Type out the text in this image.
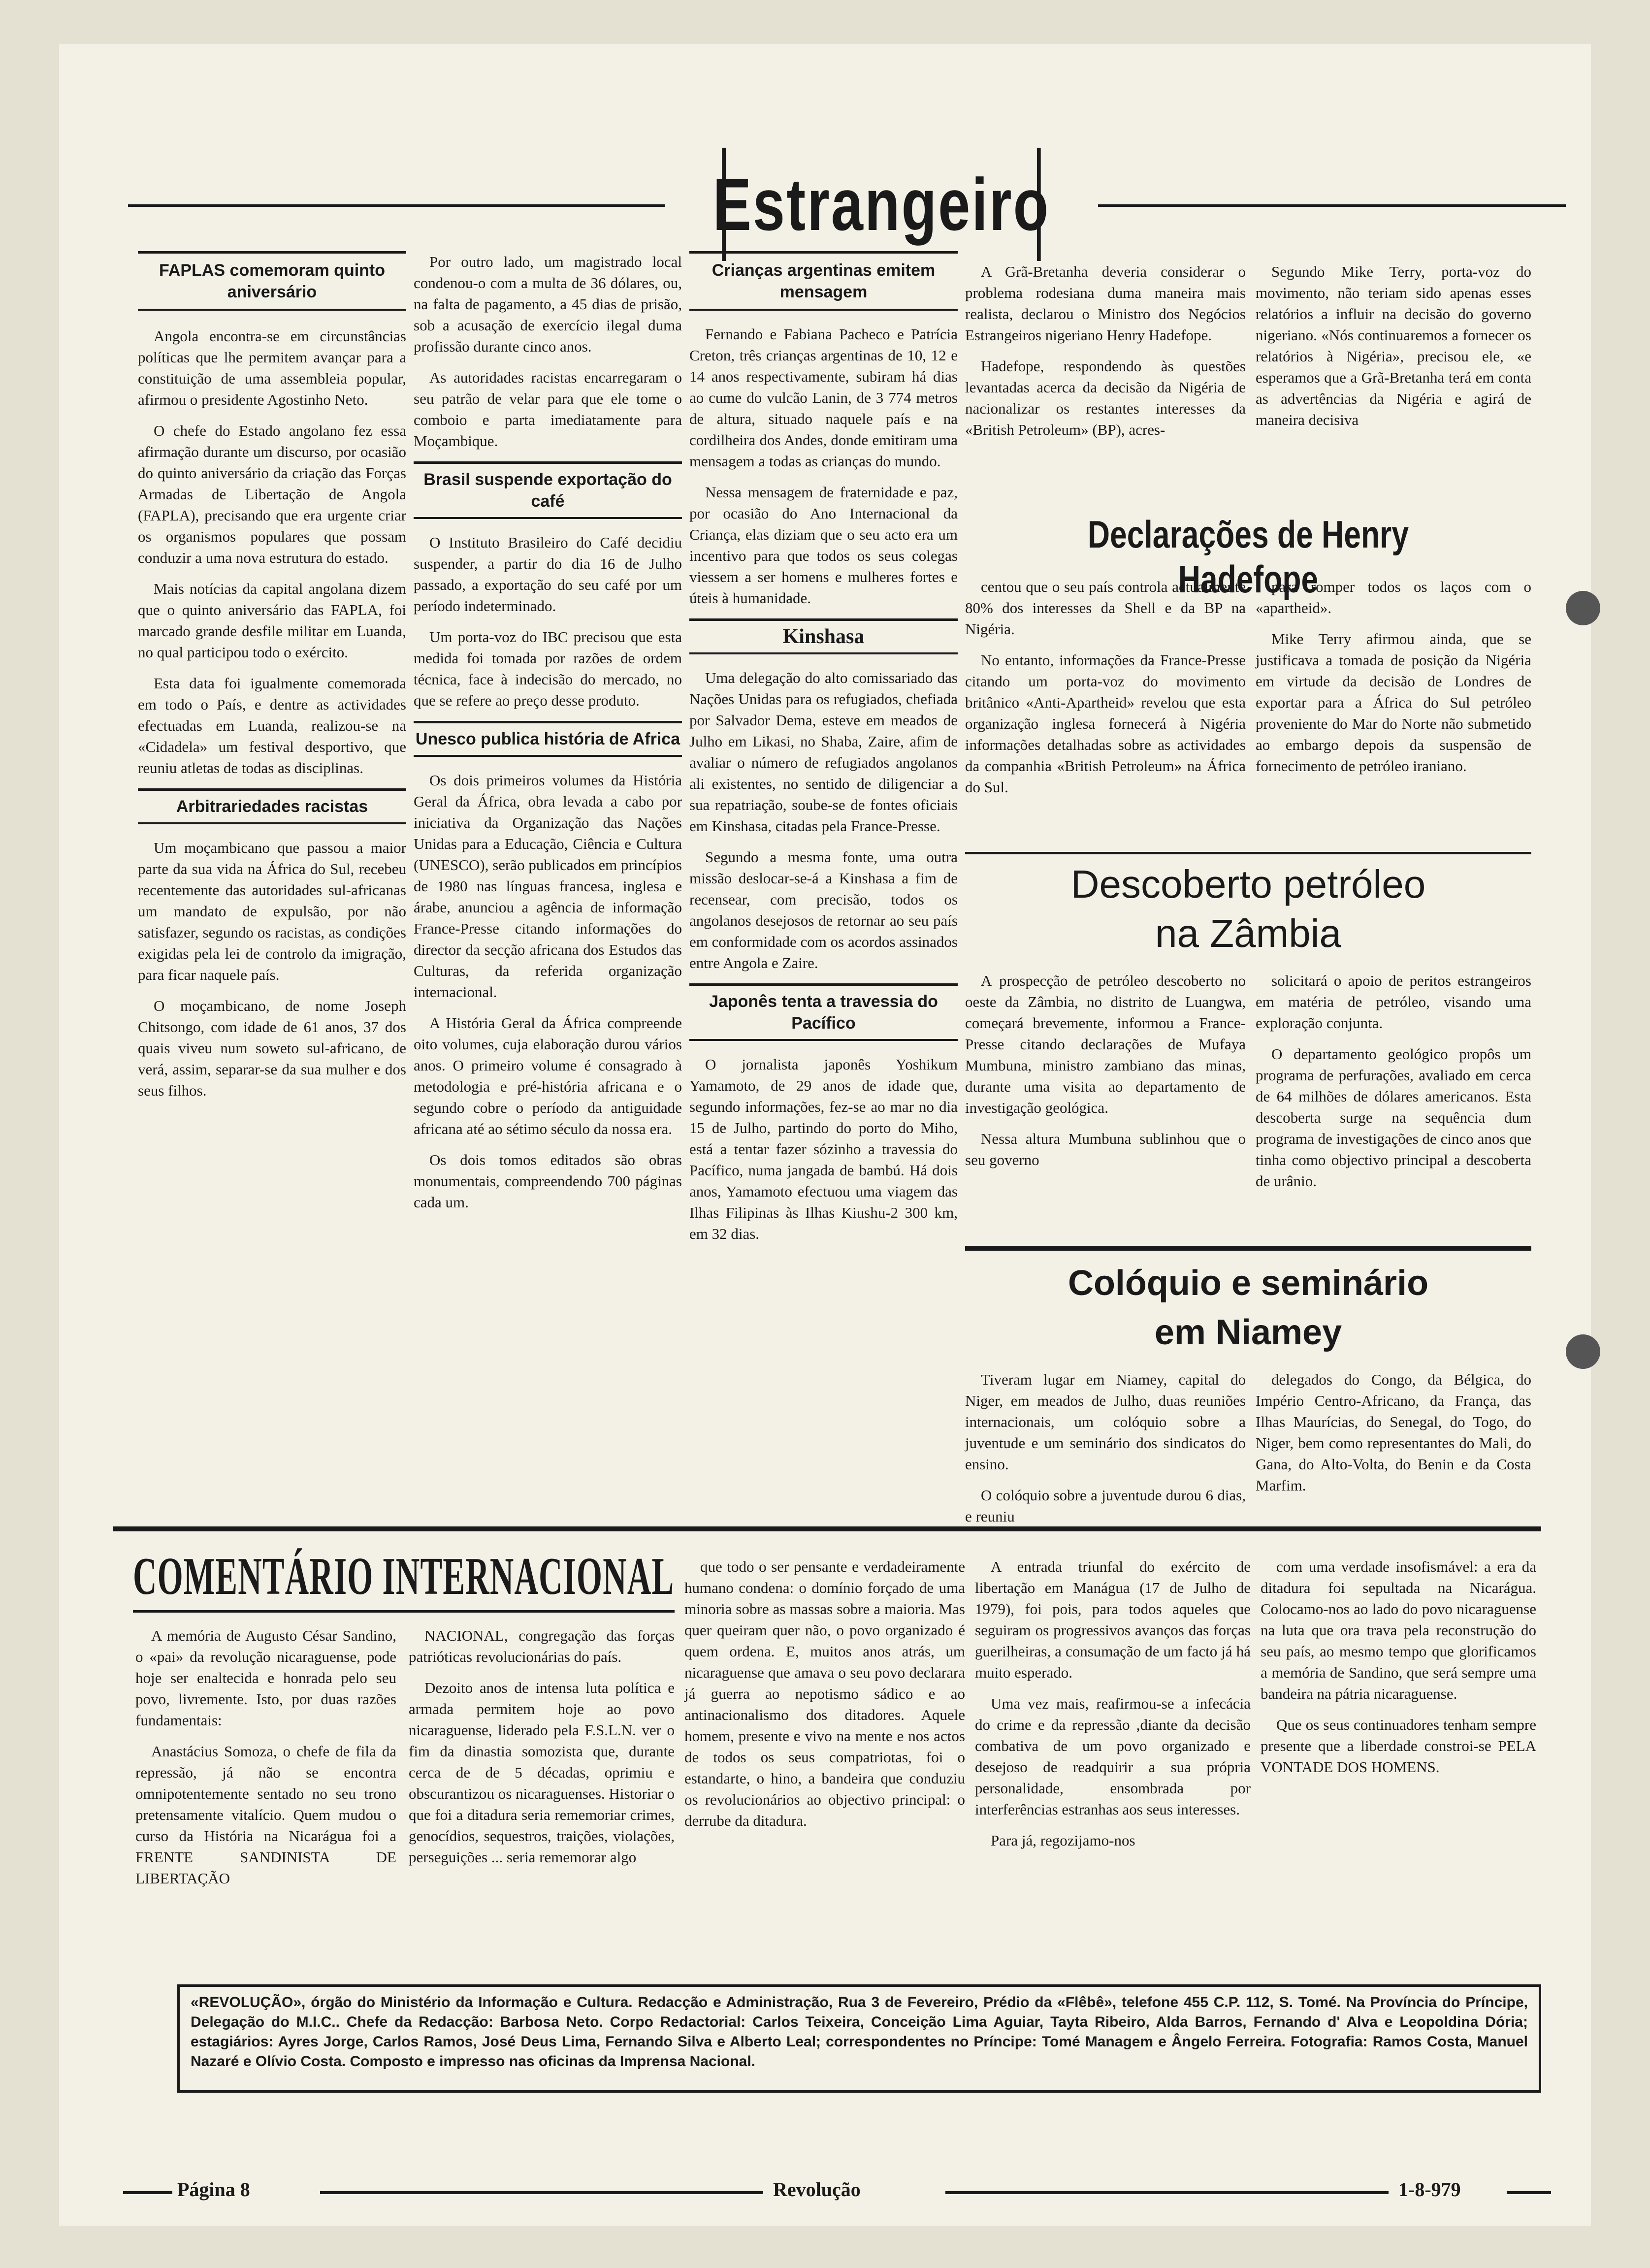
Estrangeiro
FAPLAS comemoram quinto aniversário

Angola encontra-se em circunstâncias políticas que lhe permitem avançar para a constituição de uma assembleia popular, afirmou o presidente Agostinho Neto.

O chefe do Estado angolano fez essa afirmação durante um discurso, por ocasião do quinto aniversário da criação das Forças Armadas de Libertação de Angola (FAPLA), precisando que era urgente criar os organismos populares que possam conduzir a uma nova estrutura do estado.

Mais notícias da capital angolana dizem que o quinto aniversário das FAPLA, foi marcado grande desfile militar em Luanda, no qual participou todo o exército.

Esta data foi igualmente comemorada em todo o País, e dentre as actividades efectuadas em Luanda, realizou-se na «Cidadela» um festival desportivo, que reuniu atletas de todas as disciplinas.

Arbitrariedades racistas

Um moçambicano que passou a maior parte da sua vida na África do Sul, recebeu recentemente das autoridades sul-africanas um mandato de expulsão, por não satisfazer, segundo os racistas, as condições exigidas pela lei de controlo da imigração, para ficar naquele país.

O moçambicano, de nome Joseph Chitsongo, com idade de 61 anos, 37 dos quais viveu num soweto sul-africano, de verá, assim, separar-se da sua mulher e dos seus filhos.

Por outro lado, um magistrado local condenou-o com a multa de 36 dólares, ou, na falta de pagamento, a 45 dias de prisão, sob a acusação de exercício ilegal duma profissão durante cinco anos.

As autoridades racistas encarregaram o seu patrão de velar para que ele tome o comboio e parta imediatamente para Moçambique.

Brasil suspende exportação do café

O Instituto Brasileiro do Café decidiu suspender, a partir do dia 16 de Julho passado, a exportação do seu café por um período indeterminado.

Um porta-voz do IBC precisou que esta medida foi tomada por razões de ordem técnica, face à indecisão do mercado, no que se refere ao preço desse produto.

Unesco publica história de Africa

Os dois primeiros volumes da História Geral da África, obra levada a cabo por iniciativa da Organização das Nações Unidas para a Educação, Ciência e Cultura (UNESCO), serão publicados em princípios de 1980 nas línguas francesa, inglesa e árabe, anunciou a agência de informação France-Presse citando informações do director da secção africana dos Estudos das Culturas, da referida organização internacional.

A História Geral da África compreende oito volumes, cuja elaboração durou vários anos. O primeiro volume é consagrado à metodologia e pré-história africana e o segundo cobre o período da antiguidade africana até ao sétimo século da nossa era.

Os dois tomos editados são obras monumentais, compreendendo 700 páginas cada um.

Crianças argentinas emitem mensagem

Fernando e Fabiana Pacheco e Patrícia Creton, três crianças argentinas de 10, 12 e 14 anos respectivamente, subiram há dias ao cume do vulcão Lanin, de 3 774 metros de altura, situado naquele país e na cordilheira dos Andes, donde emitiram uma mensagem a todas as crianças do mundo.

Nessa mensagem de fraternidade e paz, por ocasião do Ano Internacional da Criança, elas diziam que o seu acto era um incentivo para que todos os seus colegas viessem a ser homens e mulheres fortes e úteis à humanidade.

Kinshasa

Uma delegação do alto comissariado das Nações Unidas para os refugiados, chefiada por Salvador Dema, esteve em meados de Julho em Likasi, no Shaba, Zaire, afim de avaliar o número de refugiados angolanos ali existentes, no sentido de diligenciar a sua repatriação, soube-se de fontes oficiais em Kinshasa, citadas pela France-Presse.

Segundo a mesma fonte, uma outra missão deslocar-se-á a Kinshasa a fim de recensear, com precisão, todos os angolanos desejosos de retornar ao seu país em conformidade com os acordos assinados entre Angola e Zaire.

Japonês tenta a travessia do Pacífico

O jornalista japonês Yoshikum Yamamoto, de 29 anos de idade que, segundo informações, fez-se ao mar no dia 15 de Julho, partindo do porto do Miho, está a tentar fazer sózinho a travessia do Pacífico, numa jangada de bambú. Há dois anos, Yamamoto efectuou uma viagem das Ilhas Filipinas às Ilhas Kiushu-2 300 km, em 32 dias.

A Grã-Bretanha deveria considerar o problema rodesiana duma maneira mais realista, declarou o Ministro dos Negócios Estrangeiros nigeriano Henry Hadefope.

Hadefope, respondendo às questões levantadas acerca da decisão da Nigéria de nacionalizar os restantes interesses da «British Petroleum» (BP), acres-

Segundo Mike Terry, porta-voz do movimento, não teriam sido apenas esses relatórios a influir na decisão do governo nigeriano. «Nós continuaremos a fornecer os relatórios à Nigéria», precisou ele, «e esperamos que a Grã-Bretanha terá em conta as advertências da Nigéria e agirá de maneira decisiva

Declarações de Henry Hadefope

centou que o seu país controla actualmente 80% dos interesses da Shell e da BP na Nigéria.

No entanto, informações da France-Presse citando um porta-voz do movimento britânico «Anti-Apartheid» revelou que esta organização inglesa fornecerá à Nigéria informações detalhadas sobre as actividades da companhia «British Petroleum» na África do Sul.

para romper todos os laços com o «apartheid».

Mike Terry afirmou ainda, que se justificava a tomada de posição da Nigéria em virtude da decisão de Londres de exportar para a África do Sul petróleo proveniente do Mar do Norte não submetido ao embargo depois da suspensão de fornecimento de petróleo iraniano.

Descoberto petróleo
na Zâmbia

A prospecção de petróleo descoberto no oeste da Zâmbia, no distrito de Luangwa, começará brevemente, informou a France-Presse citando declarações de Mufaya Mumbuna, ministro zambiano das minas, durante uma visita ao departamento de investigação geológica.

Nessa altura Mumbuna sublinhou que o seu governo

solicitará o apoio de peritos estrangeiros em matéria de petróleo, visando uma exploração conjunta.

O departamento geológico propôs um programa de perfurações, avaliado em cerca de 64 milhões de dólares americanos. Esta descoberta surge na sequência dum programa de investigações de cinco anos que tinha como objectivo principal a descoberta de urânio.

Colóquio e seminário
em Niamey

Tiveram lugar em Niamey, capital do Niger, em meados de Julho, duas reuniões internacionais, um colóquio sobre a juventude e um seminário dos sindicatos do ensino.

O colóquio sobre a juventude durou 6 dias, e reuniu

delegados do Congo, da Bélgica, do Império Centro-Africano, da França, das Ilhas Maurícias, do Senegal, do Togo, do Niger, bem como representantes do Mali, do Gana, do Alto-Volta, do Benin e da Costa Marfim.

COMENTÁRIO INTERNACIONAL

A memória de Augusto César Sandino, o «pai» da revolução nicaraguense, pode hoje ser enaltecida e honrada pelo seu povo, livremente. Isto, por duas razões fundamentais:

Anastácius Somoza, o chefe de fila da repressão, já não se encontra omnipotentemente sentado no seu trono pretensamente vitalício. Quem mudou o curso da História na Nicarágua foi a FRENTE SANDINISTA DE LIBERTAÇÃO

NACIONAL, congregação das forças patrióticas revolucionárias do país.

Dezoito anos de intensa luta política e armada permitem hoje ao povo nicaraguense, liderado pela F.S.L.N. ver o fim da dinastia somozista que, durante cerca de de 5 décadas, oprimiu e obscurantizou os nicaraguenses. Historiar o que foi a ditadura seria rememoriar crimes, genocídios, sequestros, traições, violações, perseguições ... seria rememorar algo

que todo o ser pensante e verdadeiramente humano condena: o domínio forçado de uma minoria sobre as massas sobre a maioria. Mas quer queiram quer não, o povo organizado é quem ordena. E, muitos anos atrás, um nicaraguense que amava o seu povo declarara já guerra ao nepotismo sádico e ao antinacionalismo dos ditadores. Aquele homem, presente e vivo na mente e nos actos de todos os seus compatriotas, foi o estandarte, o hino, a bandeira que conduziu os revolucionários ao objectivo principal: o derrube da ditadura.

A entrada triunfal do exército de libertação em Manágua (17 de Julho de 1979), foi pois, para todos aqueles que seguiram os progressivos avanços das forças guerilheiras, a consumação de um facto já há muito esperado.

Uma vez mais, reafirmou-se a infecácia do crime e da repressão ,diante da decisão combativa de um povo organizado e desejoso de readquirir a sua própria personalidade, ensombrada por interferências estranhas aos seus interesses.

Para já, regozijamo-nos

com uma verdade insofismável: a era da ditadura foi sepultada na Nicarágua. Colocamo-nos ao lado do povo nicaraguense na luta que ora trava pela reconstrução do seu país, ao mesmo tempo que glorificamos a memória de Sandino, que será sempre uma bandeira na pátria nicaraguense.

Que os seus continuadores tenham sempre presente que a liberdade constroi-se PELA VONTADE DOS HOMENS.

«REVOLUÇÃO», órgão do Ministério da Informação e Cultura. Redacção e Administração, Rua 3 de Fevereiro, Prédio da «Flêbê», telefone 455 C.P. 112, S. Tomé. Na Província do Príncipe, Delegação do M.I.C.. Chefe da Redacção: Barbosa Neto. Corpo Redactorial: Carlos Teixeira, Conceição Lima Aguiar, Tayta Ribeiro, Alda Barros, Fernando d' Alva e Leopoldina Dória; estagiários: Ayres Jorge, Carlos Ramos, José Deus Lima, Fernando Silva e Alberto Leal; correspondentes no Príncipe: Tomé Managem e Ângelo Ferreira. Fotografia: Ramos Costa, Manuel Nazaré e Olívio Costa. Composto e impresso nas oficinas da Imprensa Nacional.
Página 8	Revolução	1-8-979
